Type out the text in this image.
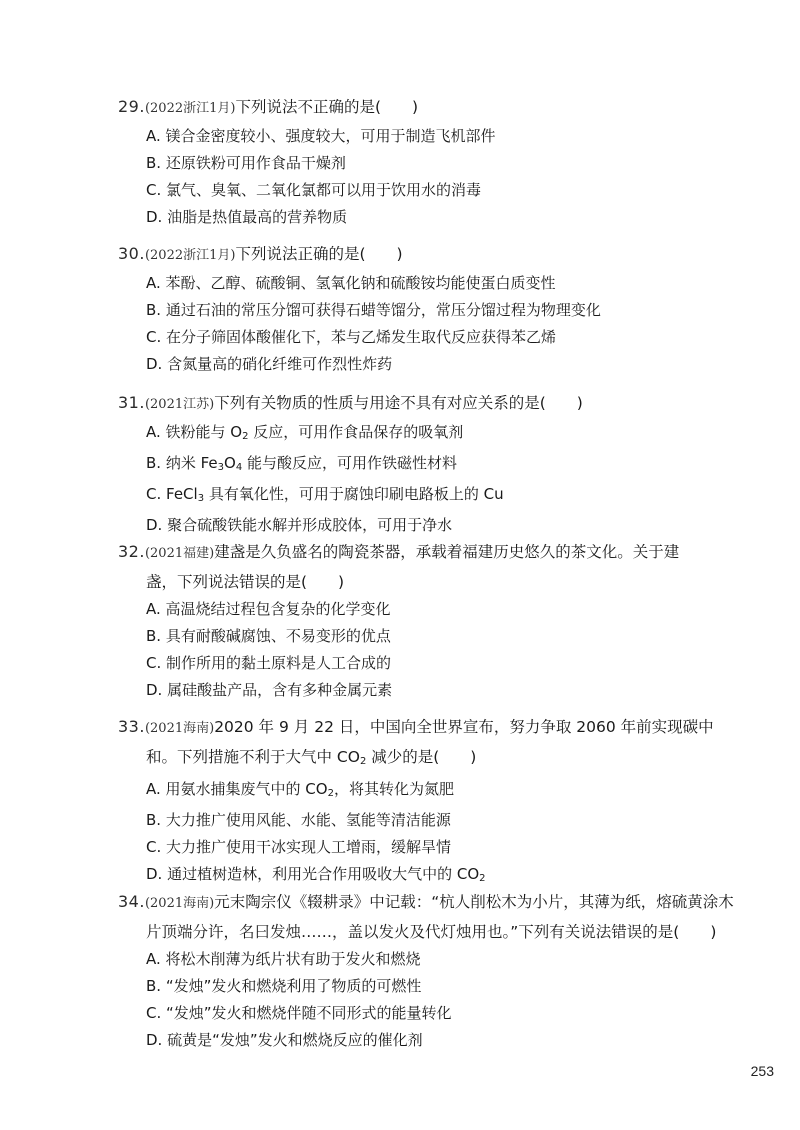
29.(2022浙江1月)下列说法不正确的是(　　)
A. 镁合金密度较小、强度较大，可用于制造飞机部件
B. 还原铁粉可用作食品干燥剂
C. 氯气、臭氧、二氧化氯都可以用于饮用水的消毒
D. 油脂是热值最高的营养物质
30.(2022浙江1月)下列说法正确的是(　　)
A. 苯酚、乙醇、硫酸铜、氢氧化钠和硫酸铵均能使蛋白质变性
B. 通过石油的常压分馏可获得石蜡等馏分，常压分馏过程为物理变化
C. 在分子筛固体酸催化下，苯与乙烯发生取代反应获得苯乙烯
D. 含氮量高的硝化纤维可作烈性炸药
31.(2021江苏)下列有关物质的性质与用途不具有对应关系的是(　　)
A. 铁粉能与 $O_2$ 反应，可用作食品保存的吸氧剂
B. 纳米 $Fe_3O_4$ 能与酸反应，可用作铁磁性材料
C. FeCl$_3$ 具有氧化性，可用于腐蚀印刷电路板上的 Cu
D. 聚合硫酸铁能水解并形成胶体，可用于净水
32.(2021福建)建盏是久负盛名的陶瓷茶器，承载着福建历史悠久的茶文化。关于建
盏，下列说法错误的是(　　)
A. 高温烧结过程包含复杂的化学变化
B. 具有耐酸碱腐蚀、不易变形的优点
C. 制作所用的黏土原料是人工合成的
D. 属硅酸盐产品，含有多种金属元素
33.(2021海南)2020 年 9 月 22 日，中国向全世界宣布，努力争取 2060 年前实现碳中
和。下列措施不利于大气中 $CO_2$ 减少的是(　　)
A. 用氨水捕集废气中的 $CO_2$，将其转化为氮肥
B. 大力推广使用风能、水能、氢能等清洁能源
C. 大力推广使用干冰实现人工增雨，缓解旱情
D. 通过植树造林，利用光合作用吸收大气中的 $CO_2$
34.(2021海南)元末陶宗仪《辍耕录》中记载：“杭人削松木为小片，其薄为纸，熔硫黄涂木
片顶端分许，名曰发烛……，盖以发火及代灯烛用也。”下列有关说法错误的是(　　)
A. 将松木削薄为纸片状有助于发火和燃烧
B. “发烛”发火和燃烧利用了物质的可燃性
C. “发烛”发火和燃烧伴随不同形式的能量转化
D. 硫黄是“发烛”发火和燃烧反应的催化剂
253
